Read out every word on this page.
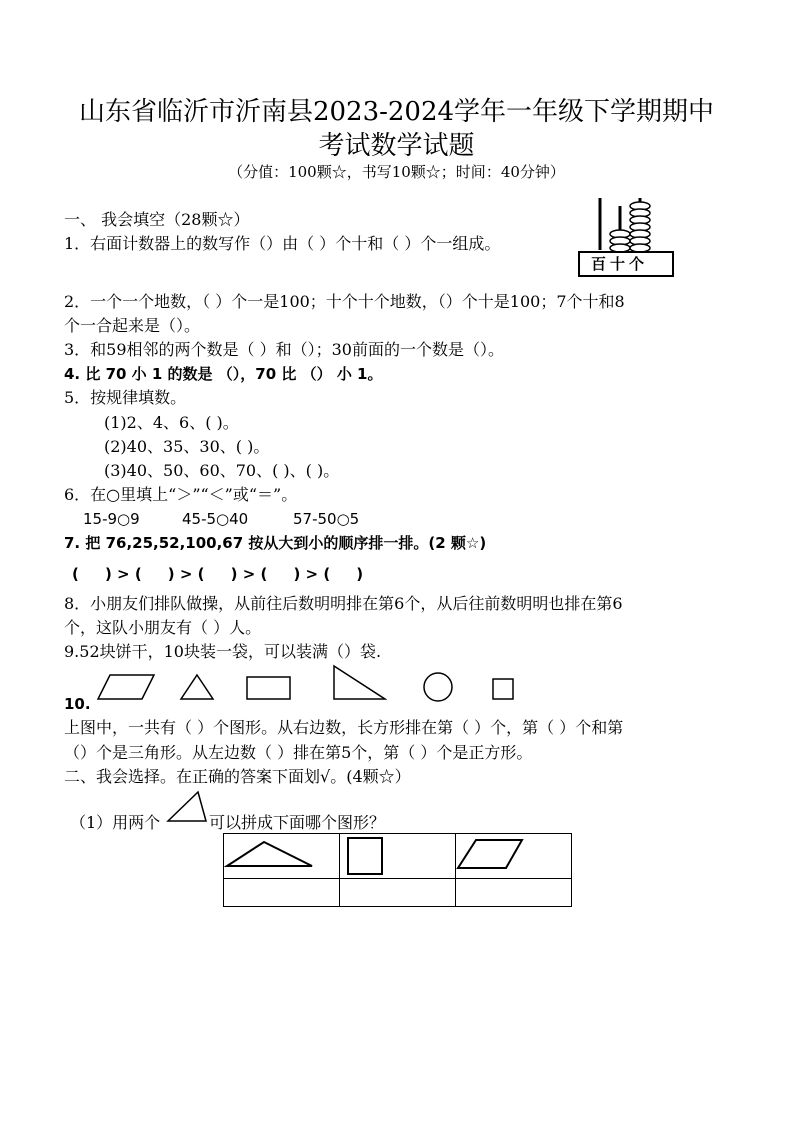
山东省临沂市沂南县2023-2024学年一年级下学期期中
考试数学试题
（分值：100颗☆，书写10颗☆；时间：40分钟）
一、 我会填空（28颗☆）
1．右面计数器上的数写作（）由（ ）个十和（ ）个一组成。
百十个
2．一个一个地数，（ ）个一是100；十个十个地数，（）个十是100；7个十和8
个一合起来是（）。
3．和59相邻的两个数是（ ）和（）；30前面的一个数是（）。
4. 比 70 小 1 的数是 （），70 比 （） 小 1。
5．按规律填数。
(1)2、4、6、( )。
(2)40、35、30、( )。
(3)40、50、60、70、( )、( )。
6．在○里填上“＞”“＜”或“＝”。
15-9○9	45-5○40	57-50○5
7. 把 76,25,52,100,67 按从大到小的顺序排一排。(2 颗☆)
(     ) > (     ) > (     ) > (     ) > (     )
8．小朋友们排队做操，从前往后数明明排在第6个，从后往前数明明也排在第6
个，这队小朋友有（ ）人。
9.52块饼干，10块装一袋，可以装满（）袋.
10.
上图中，一共有（ ）个图形。从右边数，长方形排在第（ ）个，第（ ）个和第
（）个是三角形。从左边数（ ）排在第5个，第（ ）个是正方形。
二、我会选择。在正确的答案下面划√。(4颗☆）
（1）用两个	可以拼成下面哪个图形？
